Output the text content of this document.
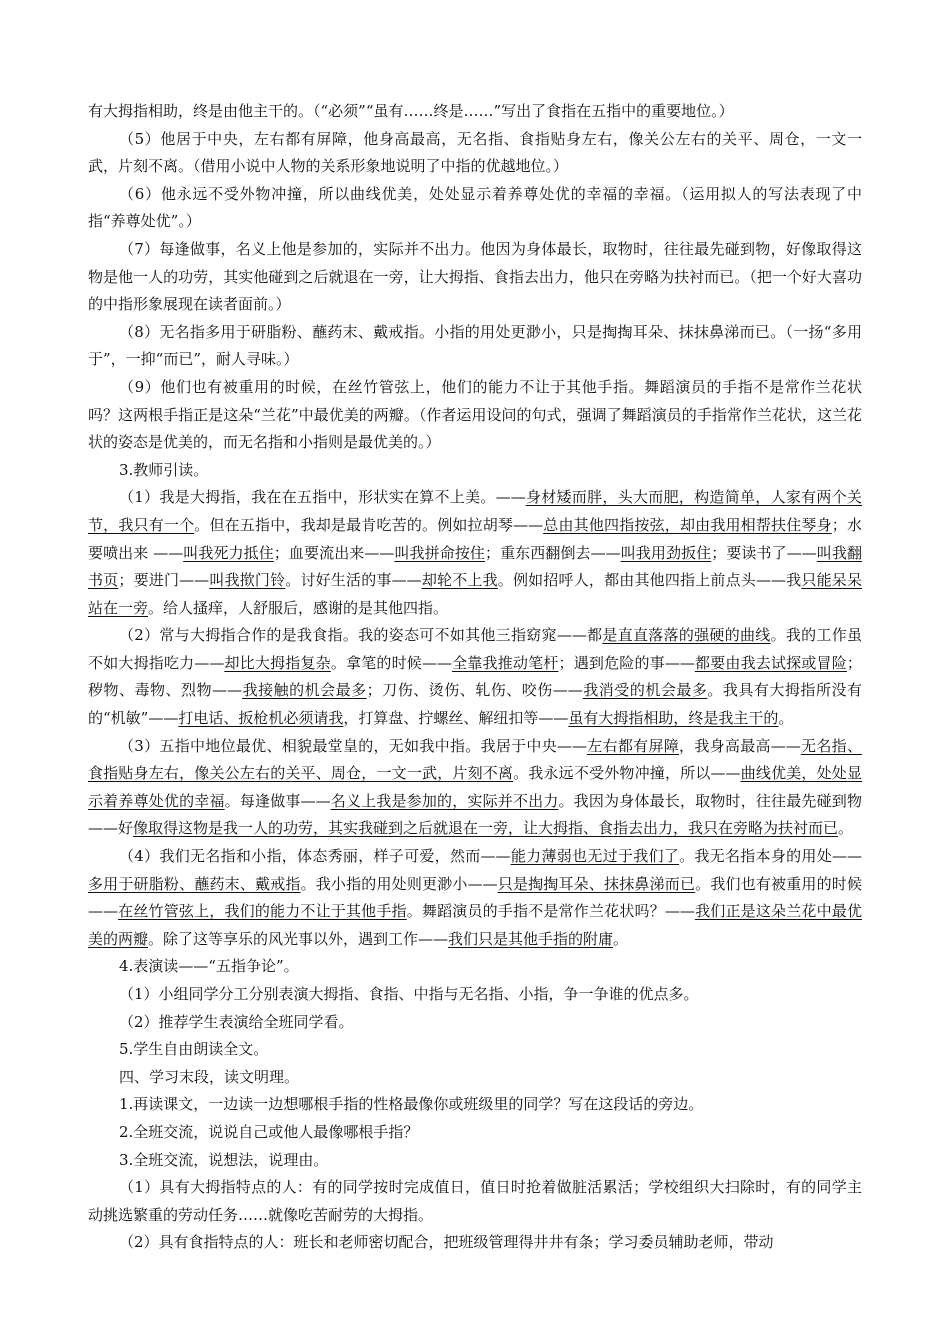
有大拇指相助，终是由他主干的。（“必须”“虽有……终是……”写出了食指在五指中的重要地位。）

（5）他居于中央，左右都有屏障，他身高最高，无名指、食指贴身左右，像关公左右的关平、周仓，一文一武，片刻不离。（借用小说中人物的关系形象地说明了中指的优越地位。）

（6）他永远不受外物冲撞，所以曲线优美，处处显示着养尊处优的幸福的幸福。（运用拟人的写法表现了中指“养尊处优”。）

（7）每逢做事，名义上他是参加的，实际并不出力。他因为身体最长，取物时，往往最先碰到物，好像取得这物是他一人的功劳，其实他碰到之后就退在一旁，让大拇指、食指去出力，他只在旁略为扶衬而已。（把一个好大喜功的中指形象展现在读者面前。）

（8）无名指多用于研脂粉、蘸药末、戴戒指。小指的用处更渺小，只是掏掏耳朵、抹抹鼻涕而已。（一扬“多用于”，一抑“而已”，耐人寻味。）

（9）他们也有被重用的时候，在丝竹管弦上，他们的能力不让于其他手指。舞蹈演员的手指不是常作兰花状吗？这两根手指正是这朵“兰花”中最优美的两瓣。（作者运用设问的句式，强调了舞蹈演员的手指常作兰花状，这兰花状的姿态是优美的，而无名指和小指则是最优美的。）

3.教师引读。

（1）我是大拇指，我在在五指中，形状实在算不上美。——身材矮而胖，头大而肥，构造简单，人家有两个关节，我只有一个。但在五指中，我却是最肯吃苦的。例如拉胡琴——总由其他四指按弦，却由我用相帮扶住琴身；水要喷出来 ——叫我死力抵住；血要流出来——叫我拼命按住；重东西翻倒去——叫我用劲扳住；要读书了——叫我翻书页；要进门——叫我揿门铃。讨好生活的事——却轮不上我。例如招呼人，都由其他四指上前点头——我只能呆呆站在一旁。给人搔痒，人舒服后，感谢的是其他四指。

（2）常与大拇指合作的是我食指。我的姿态可不如其他三指窈窕——都是直直落落的强硬的曲线。我的工作虽不如大拇指吃力——却比大拇指复杂。拿笔的时候——全靠我推动笔杆；遇到危险的事——都要由我去试探或冒险；秽物、毒物、烈物——我接触的机会最多；刀伤、烫伤、轧伤、咬伤——我消受的机会最多。我具有大拇指所没有的“机敏”——打电话、扳枪机必须请我，打算盘、拧螺丝、解纽扣等——虽有大拇指相助，终是我主干的。

（3）五指中地位最优、相貌最堂皇的，无如我中指。我居于中央——左右都有屏障，我身高最高——无名指、食指贴身左右，像关公左右的关平、周仓，一文一武，片刻不离。我永远不受外物冲撞，所以——曲线优美，处处显示着养尊处优的幸福。每逢做事——名义上我是参加的，实际并不出力。我因为身体最长，取物时，往往最先碰到物——好像取得这物是我一人的功劳，其实我碰到之后就退在一旁，让大拇指、食指去出力，我只在旁略为扶衬而已。

（4）我们无名指和小指，体态秀丽，样子可爱，然而——能力薄弱也无过于我们了。我无名指本身的用处——多用于研脂粉、蘸药末、戴戒指。我小指的用处则更渺小——只是掏掏耳朵、抹抹鼻涕而已。我们也有被重用的时候——在丝竹管弦上，我们的能力不让于其他手指。舞蹈演员的手指不是常作兰花状吗？——我们正是这朵兰花中最优美的两瓣。除了这等享乐的风光事以外，遇到工作——我们只是其他手指的附庸。

4.表演读——“五指争论”。

（1）小组同学分工分别表演大拇指、食指、中指与无名指、小指，争一争谁的优点多。

（2）推荐学生表演给全班同学看。

5.学生自由朗读全文。

四、学习末段，读文明理。

1.再读课文，一边读一边想哪根手指的性格最像你或班级里的同学？写在这段话的旁边。

2.全班交流，说说自己或他人最像哪根手指？

3.全班交流，说想法，说理由。

（1）具有大拇指特点的人：有的同学按时完成值日，值日时抢着做脏活累活；学校组织大扫除时，有的同学主动挑选繁重的劳动任务……就像吃苦耐劳的大拇指。

（2）具有食指特点的人：班长和老师密切配合，把班级管理得井井有条；学习委员辅助老师，带动
